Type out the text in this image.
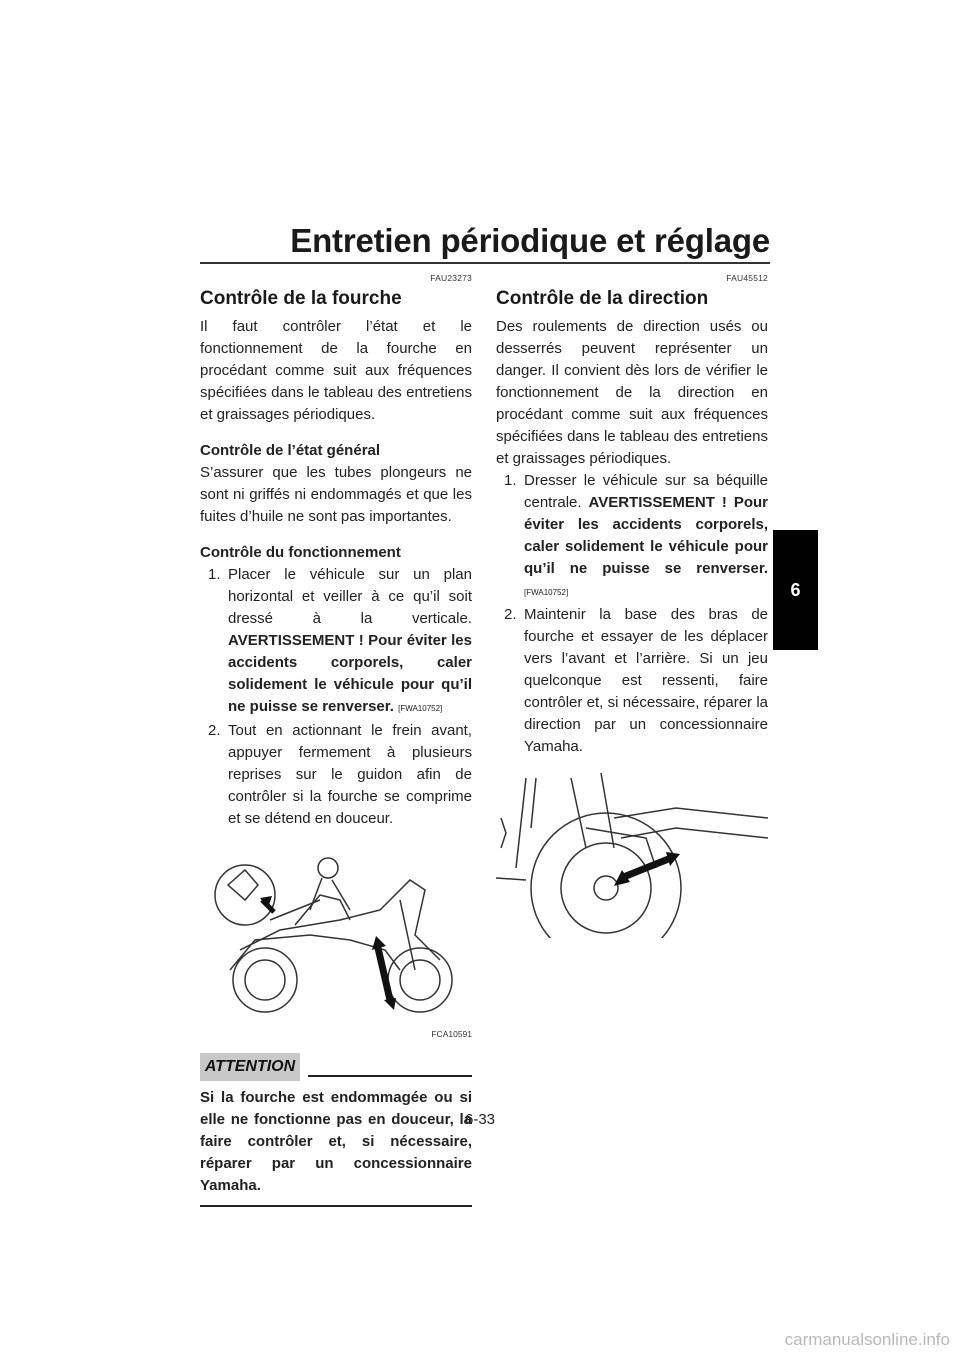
Entretien périodique et réglage
FAU23273
Contrôle de la fourche

Il faut contrôler l’état et le fonctionnement de la fourche en procédant comme suit aux fréquences spécifiées dans le tableau des entretiens et graissages périodiques.

Contrôle de l’état général

S’assurer que les tubes plongeurs ne sont ni griffés ni endommagés et que les fuites d’huile ne sont pas importantes.

Contrôle du fonctionnement

1. Placer le véhicule sur un plan horizontal et veiller à ce qu’il soit dressé à la verticale. AVERTISSEMENT ! Pour éviter les accidents corporels, caler solidement le véhicule pour qu’il ne puisse se renverser. [FWA10752]
2. Tout en actionnant le frein avant, appuyer fermement à plusieurs reprises sur le guidon afin de contrôler si la fourche se comprime et se détend en douceur.
FCA10591
ATTENTION

Si la fourche est endommagée ou si elle ne fonctionne pas en douceur, la faire contrôler et, si nécessaire, réparer par un concessionnaire Yamaha.

FAU45512
Contrôle de la direction

Des roulements de direction usés ou desserrés peuvent représenter un danger. Il convient dès lors de vérifier le fonctionnement de la direction en procédant comme suit aux fréquences spécifiées dans le tableau des entretiens et graissages périodiques.

1. Dresser le véhicule sur sa béquille centrale. AVERTISSEMENT ! Pour éviter les accidents corporels, caler solidement le véhicule pour qu’il ne puisse se renverser. [FWA10752]
2. Maintenir la base des bras de fourche et essayer de les déplacer vers l’avant et l’arrière. Si un jeu quelconque est ressenti, faire contrôler et, si nécessaire, réparer la direction par un concessionnaire Yamaha.
6
6-33
carmanualsonline.info
